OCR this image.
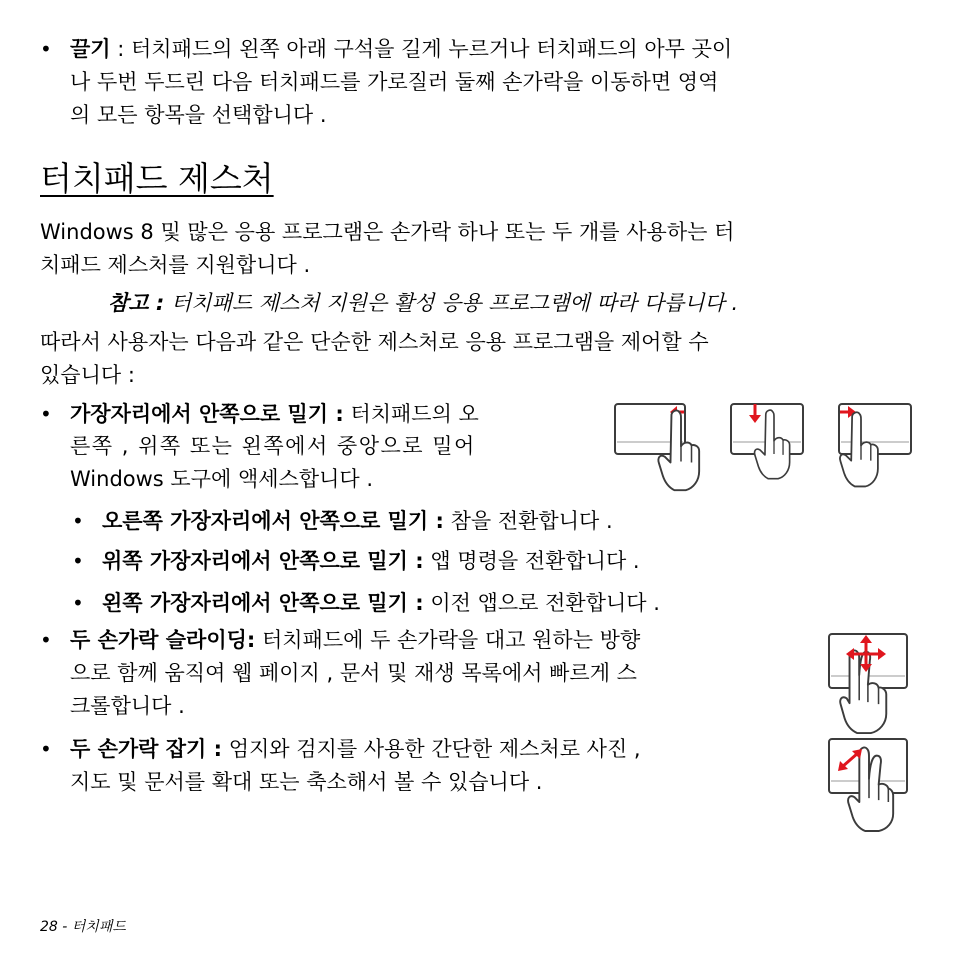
• 끌기 : 터치패드의 왼쪽 아래 구석을 길게 누르거나 터치패드의 아무 곳이
나 두번 두드린 다음 터치패드를 가로질러 둘째 손가락을 이동하면 영역
의 모든 항목을 선택합니다 .
터치패드 제스처
Windows 8 및 많은 응용 프로그램은 손가락 하나 또는 두 개를 사용하는 터
치패드 제스처를 지원합니다 .
참고 : 터치패드 제스처 지원은 활성 응용 프로그램에 따라 다릅니다 .
따라서 사용자는 다음과 같은 단순한 제스처로 응용 프로그램을 제어할 수
있습니다 :
• 가장자리에서 안쪽으로 밀기 : 터치패드의 오
른쪽 , 위쪽 또는 왼쪽에서 중앙으로 밀어
Windows 도구에 액세스합니다 .
• 오른쪽 가장자리에서 안쪽으로 밀기 : 참을 전환합니다 .
• 위쪽 가장자리에서 안쪽으로 밀기 : 앱 명령을 전환합니다 .
• 왼쪽 가장자리에서 안쪽으로 밀기 : 이전 앱으로 전환합니다 .
• 두 손가락 슬라이딩: 터치패드에 두 손가락을 대고 원하는 방향
으로 함께 움직여 웹 페이지 , 문서 및 재생 목록에서 빠르게 스
크롤합니다 .
• 두 손가락 잡기 : 엄지와 검지를 사용한 간단한 제스처로 사진 ,
지도 및 문서를 확대 또는 축소해서 볼 수 있습니다 .
28 - 터치패드
